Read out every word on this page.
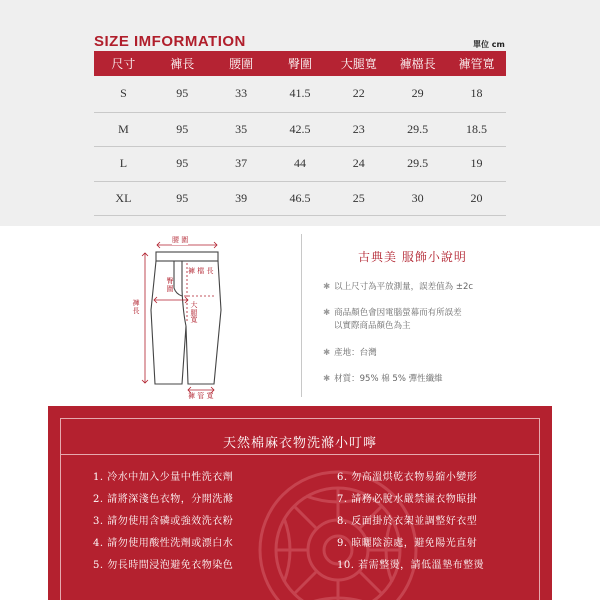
SIZE IMFORMATION	單位 cm
尺寸	褲長	腰圍	臀圍	大腿寬	褲檔長	褲管寬
S	95	33	41.5	22	29	18
M	95	35	42.5	23	29.5	18.5
L	95	37	44	24	29.5	19
XL	95	39	46.5	25	30	20
腰 圍
褲 檔 長
臀圍
褲長
大腿寬
褲 管 寬
古典美 服飾小說明
✱ 以上尺寸為平放測量，誤差值為 ±2c
✱ 商品顏色會因電腦螢幕而有所誤差
以實際商品顏色為主
✱ 產地：台灣
✱ 材質：95% 棉 5% 彈性纖維
天然棉麻衣物洗滌小叮嚀
1. 冷水中加入少量中性洗衣劑
2. 請將深淺色衣物，分開洗滌
3. 請勿使用含磷或強效洗衣粉
4. 請勿使用酸性洗劑或漂白水
5. 勿長時間浸泡避免衣物染色
6. 勿高溫烘乾衣物易縮小變形
7. 請務必脫水嚴禁濕衣物晾掛
8. 反面掛於衣架並調整好衣型
9. 晾曬陰涼處，避免陽光直射
10. 若需整燙，請低溫墊布整燙
